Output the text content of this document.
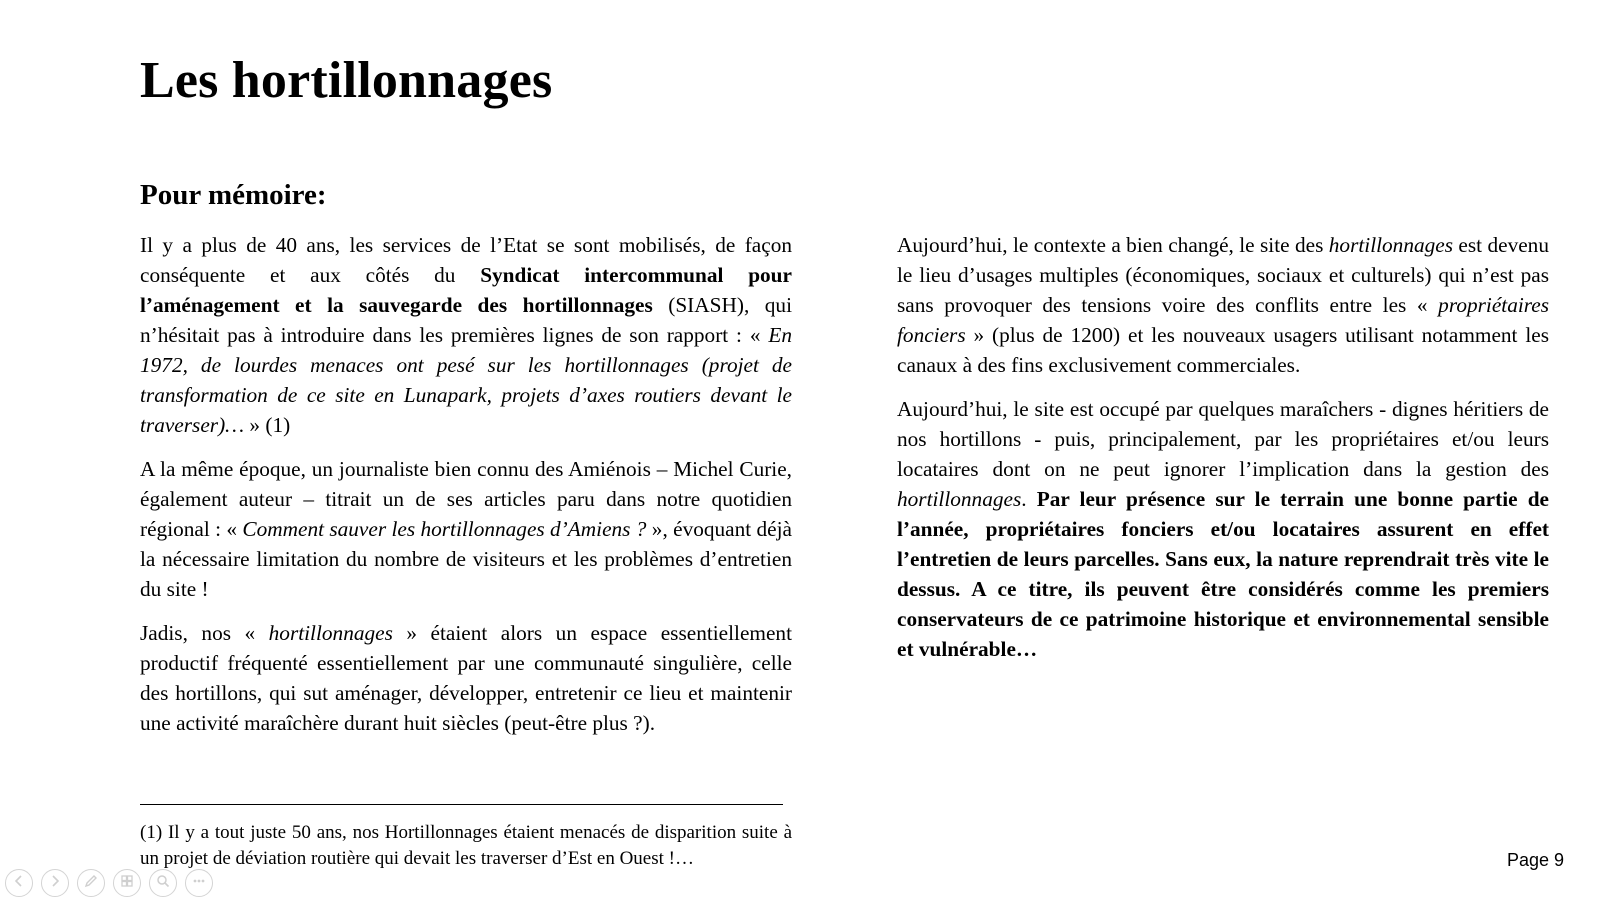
Les hortillonnages
Pour mémoire:

Il y a plus de 40 ans, les services de l’Etat se sont mobilisés, de façon conséquente et aux côtés du Syndicat intercommunal pour l’aménagement et la sauvegarde des hortillonnages (SIASH), qui n’hésitait pas à introduire dans les premières lignes de son rapport : « En 1972, de lourdes menaces ont pesé sur les hortillonnages (projet de transformation de ce site en Lunapark, projets d’axes routiers devant le traverser)… » (1)

A la même époque, un journaliste bien connu des Amiénois – Michel Curie, également auteur – titrait un de ses articles paru dans notre quotidien régional : « Comment sauver les hortillonnages d’Amiens ? », évoquant déjà la nécessaire limitation du nombre de visiteurs et les problèmes d’entretien du site !

Jadis, nos « hortillonnages » étaient alors un espace essentiellement productif fréquenté essentiellement par une communauté singulière, celle des hortillons, qui sut aménager, développer, entretenir ce lieu et maintenir une activité maraîchère durant huit siècles (peut-être plus ?).

Aujourd’hui, le contexte a bien changé, le site des hortillonnages est devenu le lieu d’usages multiples (économiques, sociaux et culturels) qui n’est pas sans provoquer des tensions voire des conflits entre les « propriétaires fonciers » (plus de 1200) et les nouveaux usagers utilisant notamment les canaux à des fins exclusivement commerciales.

Aujourd’hui, le site est occupé par quelques maraîchers - dignes héritiers de nos hortillons - puis, principalement, par les propriétaires et/ou leurs locataires dont on ne peut ignorer l’implication dans la gestion des hortillonnages. Par leur présence sur le terrain une bonne partie de l’année, propriétaires fonciers et/ou locataires assurent en effet l’entretien de leurs parcelles. Sans eux, la nature reprendrait très vite le dessus. A ce titre, ils peuvent être considérés comme les premiers conservateurs de ce patrimoine historique et environnemental sensible et vulnérable…

(1) Il y a tout juste 50 ans, nos Hortillonnages étaient menacés de disparition suite à un projet de déviation routière qui devait les traverser d’Est en Ouest !…	Page 9
